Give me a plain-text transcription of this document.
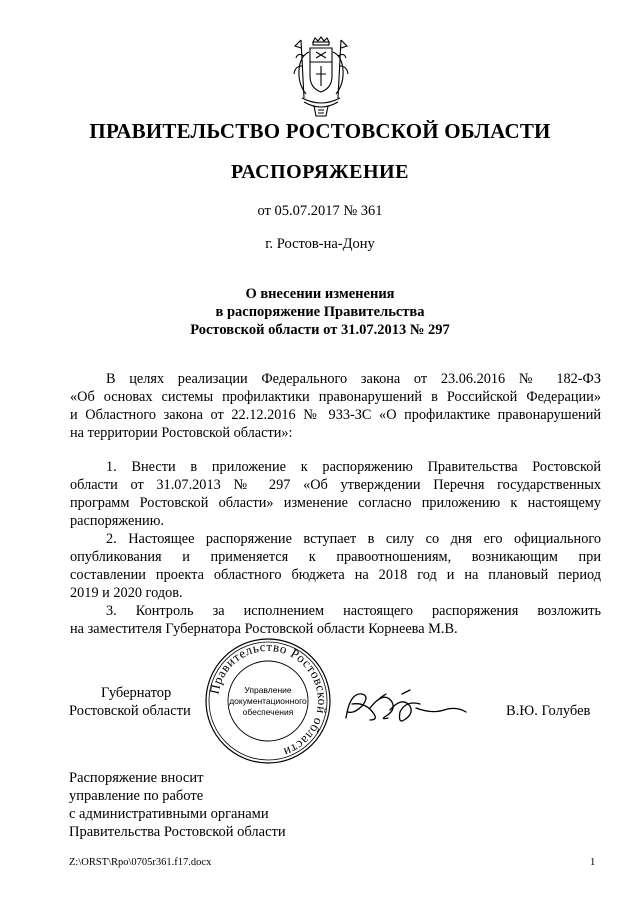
ПРАВИТЕЛЬСТВО РОСТОВСКОЙ ОБЛАСТИ
РАСПОРЯЖЕНИЕ
от 05.07.2017 № 361
г. Ростов-на-Дону
О внесении изменения
в распоряжение Правительства
Ростовской области от 31.07.2013 № 297
В целях реализации Федерального закона от 23.06.2016 № 182-ФЗ
«Об основах системы профилактики правонарушений в Российской Федерации»
и Областного закона от 22.12.2016 № 933-ЗС «О профилактике правонарушений
на территории Ростовской области»:
1. Внести в приложение к распоряжению Правительства Ростовской
области от 31.07.2013 № 297 «Об утверждении Перечня государственных
программ Ростовской области» изменение согласно приложению к настоящему
распоряжению.
2. Настоящее распоряжение вступает в силу со дня его официального
опубликования и применяется к правоотношениям, возникающим при
составлении проекта областного бюджета на 2018 год и на плановый период
2019 и 2020 годов.
3. Контроль за исполнением настоящего распоряжения возложить
на заместителя Губернатора Ростовской области Корнеева М.В.
Губернатор
Ростовской области	В.Ю. Голубев
Правительство Ростовской области
Управление
документационного
обеспечения
Распоряжение вносит
управление по работе
с административными органами
Правительства Ростовской области
Z:\ORST\Rpo\0705r361.f17.docx	1
